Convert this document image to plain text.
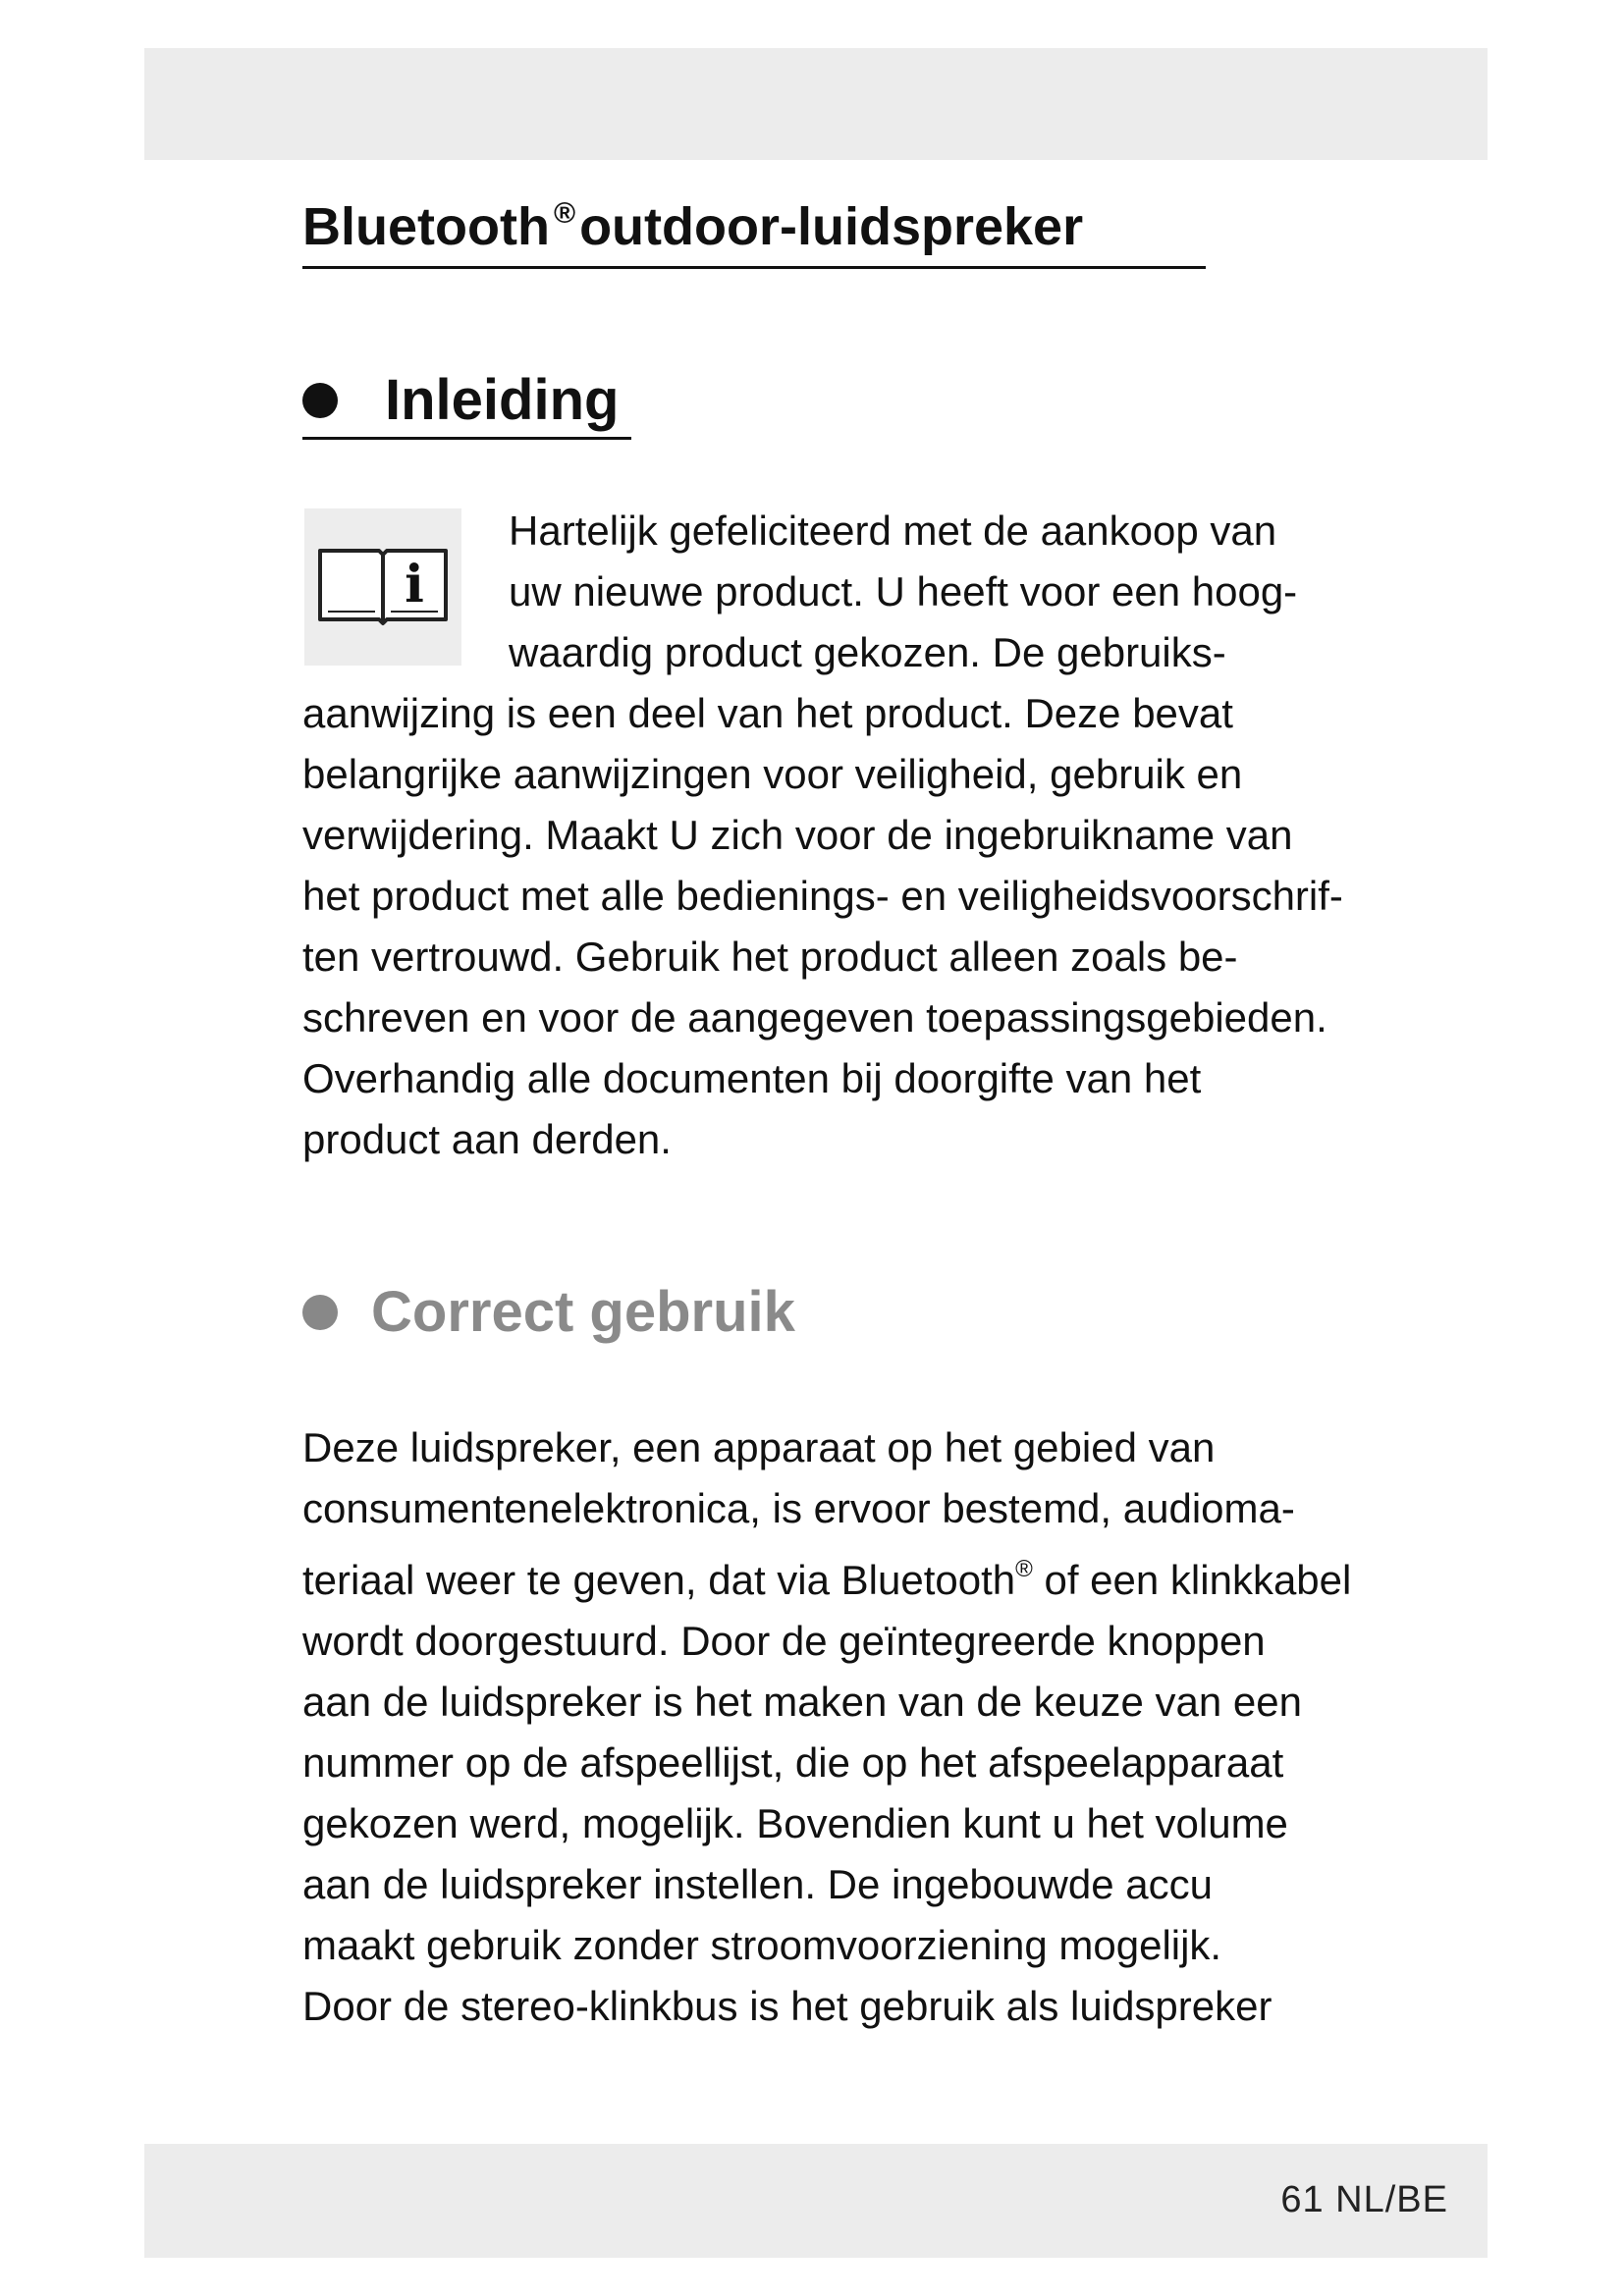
Bluetooth ®outdoor-luidspreker
Inleiding
i

Hartelijk gefeliciteerd met de aankoop van

uw nieuwe product. U heeft voor een hoog-

waardig product gekozen. De gebruiks-

aanwijzing is een deel van het product. Deze bevat

belangrijke aanwijzingen voor veiligheid, gebruik en

verwijdering. Maakt U zich voor de ingebruikname van

het product met alle bedienings- en veiligheidsvoorschrif-

ten vertrouwd. Gebruik het product alleen zoals be-

schreven en voor de aangegeven toepassingsgebieden.

Overhandig alle documenten bij doorgifte van het

product aan derden.

Correct gebruik

Deze luidspreker, een apparaat op het gebied van

consumentenelektronica, is ervoor bestemd, audioma-

teriaal weer te geven, dat via Bluetooth® of een klinkkabel

wordt doorgestuurd. Door de geïntegreerde knoppen

aan de luidspreker is het maken van de keuze van een

nummer op de afspeellijst, die op het afspeelapparaat

gekozen werd, mogelijk. Bovendien kunt u het volume

aan de luidspreker instellen. De ingebouwde accu

maakt gebruik zonder stroomvoorziening mogelijk.

Door de stereo-klinkbus is het gebruik als luidspreker

61 NL/BE
